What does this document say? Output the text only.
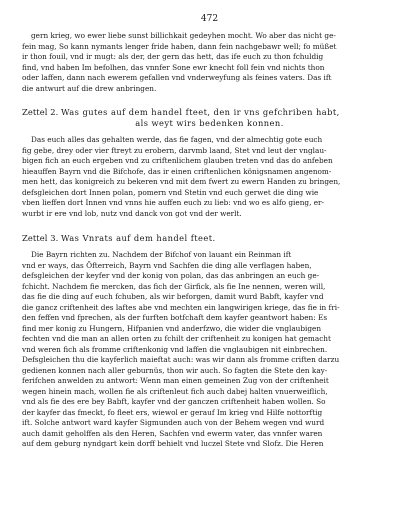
472
gern krieg, wo ewer liebe sunst billichkait gedeyhen mocht. Wo aber das nicht ge-
fein mag, So kann nymants lenger fride haben, dann fein nachgebawr well; fo müßet
ir thon fouil, vnd ir mugt: als der, der gern das hett, das ife euch zu thon fchuldig
find, vnd haben Im befolhen, das vnnfer Sone ewr knecht foll fein vnd nichts thon
oder laffen, dann nach ewerem gefallen vnd vnderweyfung als feines vaters. Das ift
die antwurt auf die drew anbringen.
Zettel 2. Was gutes auf dem handel fteet, den ir vns gefchriben habt,
als weyt wirs bedenken konnen.
Das euch alles das gehalten werde, das fie fagen, vnd der almechtig gote euch
fig gebe, drey oder vier ftreyt zu erobern, darvmb laand, Stet vnd leut der vnglau-
bigen fich an euch ergeben vnd zu criftenlichem glauben treten vnd das do anfeben
hieauffen Bayrn vnd die Bifchofe, das ir einen criftenlichen königsnamen angenom-
men hett, das konigreich zu bekeren vnd mit dem fwert zu ewern Handen zu bringen,
defsgleichen dort Innen polan, pomern vnd Stetin vnd euch gerwet die ding wie
vben lieffen dort Innen vnd vnns hie auffen euch zu lieb: vnd wo es alfo gieng, er-
wurbt ir ere vnd lob, nutz vnd danck von got vnd der werlt.
Zettel 3. Was Vnrats auf dem handel fteet.
Die Bayrn richten zu. Nachdem der Bifchof von lauant ein Reinman ift
vnd er ways, das Öfterreich, Bayrn vnd Sachfen die ding alle verflagen haben,
defsgleichen der keyfer vnd der konig von polan, das das anbringen an euch ge-
fchicht. Nachdem fie mercken, das fich der Girfick, als fie Ine nennen, weren will,
das fie die ding auf euch fchuben, als wir beforgen, damit wurd Babft, kayfer vnd
die gancz criftenheit des laftes abe vnd mechten ein langwirigen kriege, das fie in fri-
den feffen vnd fprechen, als der furften botfchaft dem kayfer geantwort haben: Es
find mer konig zu Hungern, Hifpanien vnd anderfzwo, die wider die vnglaubigen
fechten vnd die man an allen orten zu fchilt der criftenheit zu konigen hat gemacht
vnd weren fich als fromme criftenkonig vnd laffen die vnglaubigen nit einbrechen.
Defsgleichen thu die kayferlich maieftat auch: was wir dann als fromme criften darzu
gedienen konnen nach aller geburnüs, thon wir auch. So fagten die Stete den kay-
ferifchen anwelden zu antwort: Wenn man einen gemeinen Zug von der criftenheit
wegen hinein mach, wollen fie als criftenleut fich auch dabej halten vnuerweiflich,
vnd als fie des ere bey Babft, kayfer vnd der ganczen criftenheit haben wollen. So
der kayfer das fmeckt, fo fleet ers, wiewol er gerauf Im krieg vnd Hilfe nottorftig
ift. Solche antwort ward kayfer Sigmunden auch von der Behem wegen vnd wurd
auch damit geholffen als den Heren, Sachfen vnd ewerm vater, das vnnfer waren
auf dem geburg nyndgart kein dorff behielt vnd luczel Stete vnd Slofz. Die Heren
